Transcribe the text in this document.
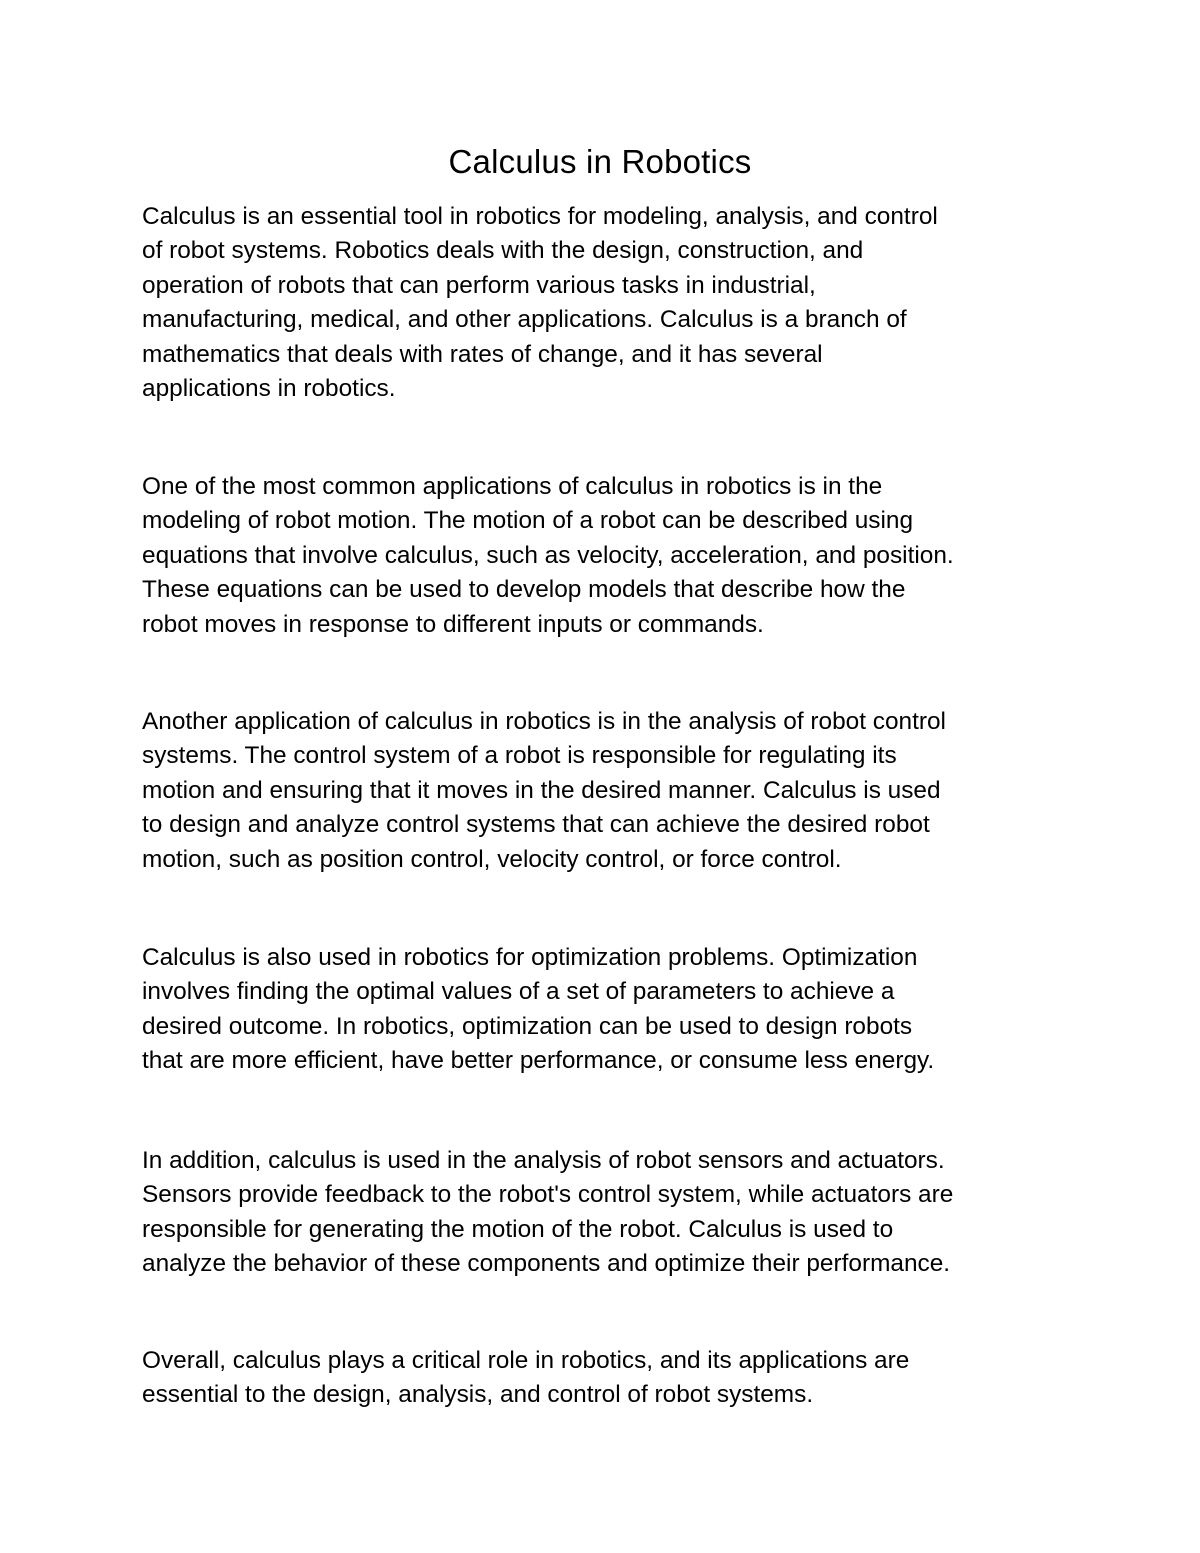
Calculus in Robotics

Calculus is an essential tool in robotics for modeling, analysis, and control
of robot systems. Robotics deals with the design, construction, and
operation of robots that can perform various tasks in industrial,
manufacturing, medical, and other applications. Calculus is a branch of
mathematics that deals with rates of change, and it has several
applications in robotics.

One of the most common applications of calculus in robotics is in the
modeling of robot motion. The motion of a robot can be described using
equations that involve calculus, such as velocity, acceleration, and position.
These equations can be used to develop models that describe how the
robot moves in response to different inputs or commands.

Another application of calculus in robotics is in the analysis of robot control
systems. The control system of a robot is responsible for regulating its
motion and ensuring that it moves in the desired manner. Calculus is used
to design and analyze control systems that can achieve the desired robot
motion, such as position control, velocity control, or force control.

Calculus is also used in robotics for optimization problems. Optimization
involves finding the optimal values of a set of parameters to achieve a
desired outcome. In robotics, optimization can be used to design robots
that are more efficient, have better performance, or consume less energy.

In addition, calculus is used in the analysis of robot sensors and actuators.
Sensors provide feedback to the robot's control system, while actuators are
responsible for generating the motion of the robot. Calculus is used to
analyze the behavior of these components and optimize their performance.

Overall, calculus plays a critical role in robotics, and its applications are
essential to the design, analysis, and control of robot systems.
